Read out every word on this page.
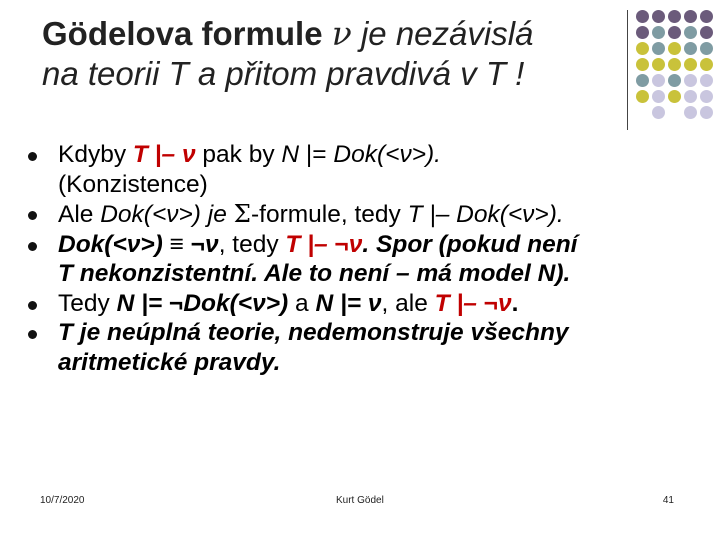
Gödelova formule ν je nezávislá
na teorii T a přitom pravdivá v T !
Kdyby T |– ν pak by N |= Dok(<ν>).
(Konzistence)
Ale Dok(<ν>) je Σ-formule, tedy T |– Dok(<ν>).
Dok(<ν>) ≡ ¬ν, tedy T |– ¬ν. Spor (pokud není
T nekonzistentní. Ale to není – má model N).
Tedy N |= ¬Dok(<ν>) a N |= ν, ale T |– ¬ν.
T je neúplná teorie, nedemonstruje všechny
aritmetické pravdy.
10/7/2020	Kurt Gödel	41
